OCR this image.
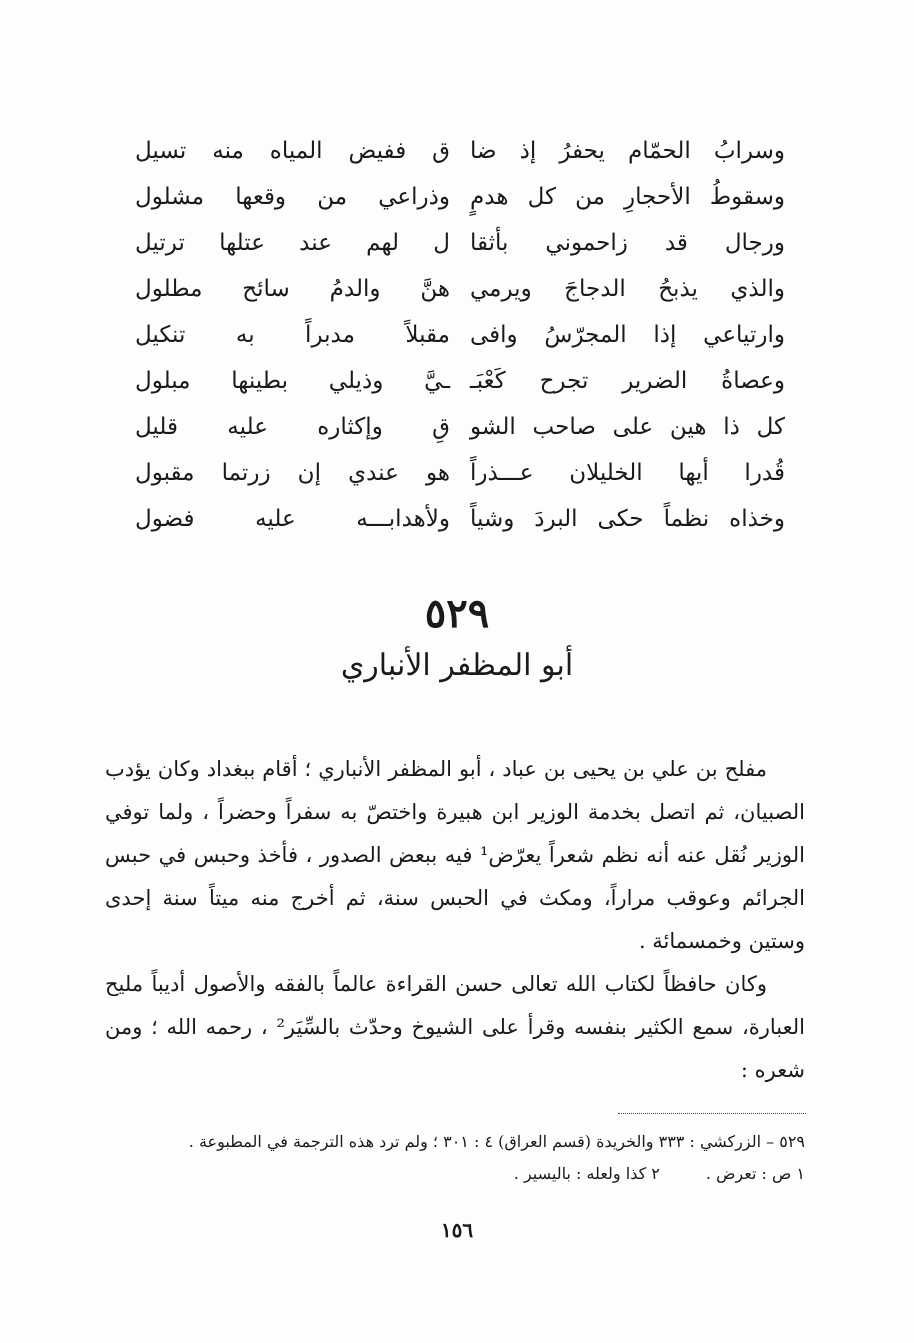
وسرابُ الحمّام يحفرُ إذ ضا
ق ففيض المياه منه تسيل
وسقوطُ الأحجارِ من كل هدمٍ
وذراعي من وقعها مشلول
ورجال قد زاحموني بأثقا
ل لهم عند عتلها ترتيل
والذي يذبحُ الدجاجَ ويرمي
هنَّ والدمُ سائح مطلول
وارتياعي إذا المجرّسُ وافى
مقبلاً مدبراً به تنكيل
وعصاةُ الضرير تجرح كَعْبَـ
ـيَّ وذيلي بطينها مبلول
كل ذا هين على صاحب الشو
قِ وإكثاره عليه قليل
قُدرا أيها الخليلان عـــذراً
هو عندي إن زرتما مقبول
وخذاه نظماً حكى البردَ وشياً
ولأهدابـــه عليه فضول
٥٢٩
أبو المظفر الأنباري

مفلح بن علي بن يحيى بن عباد ، أبو المظفر الأنباري ؛ أقام ببغداد وكان يؤدب الصبيان، ثم اتصل بخدمة الوزير ابن هبيرة واختصّ به سفراً وحضراً ، ولما توفي الوزير نُقل عنه أنه نظم شعراً يعرّض¹ فيه ببعض الصدور ، فأخذ وحبس في حبس الجرائم وعوقب مراراً، ومكث في الحبس سنة، ثم أخرج منه ميتاً سنة إحدى وستين وخمسمائة .

وكان حافظاً لكتاب الله تعالى حسن القراءة عالماً بالفقه والأصول أديباً مليح العبارة، سمع الكثير بنفسه وقرأ على الشيوخ وحدّث بالسِّيَر² ، رحمه الله ؛ ومن شعره :

٥٢٩ – الزركشي : ٣٣٣ والخريدة (قسم العراق) ٤ : ٣٠١ ؛ ولم ترد هذه الترجمة في المطبوعة .
١ ص : تعرض .
٢ كذا ولعله : باليسير .
١٥٦
